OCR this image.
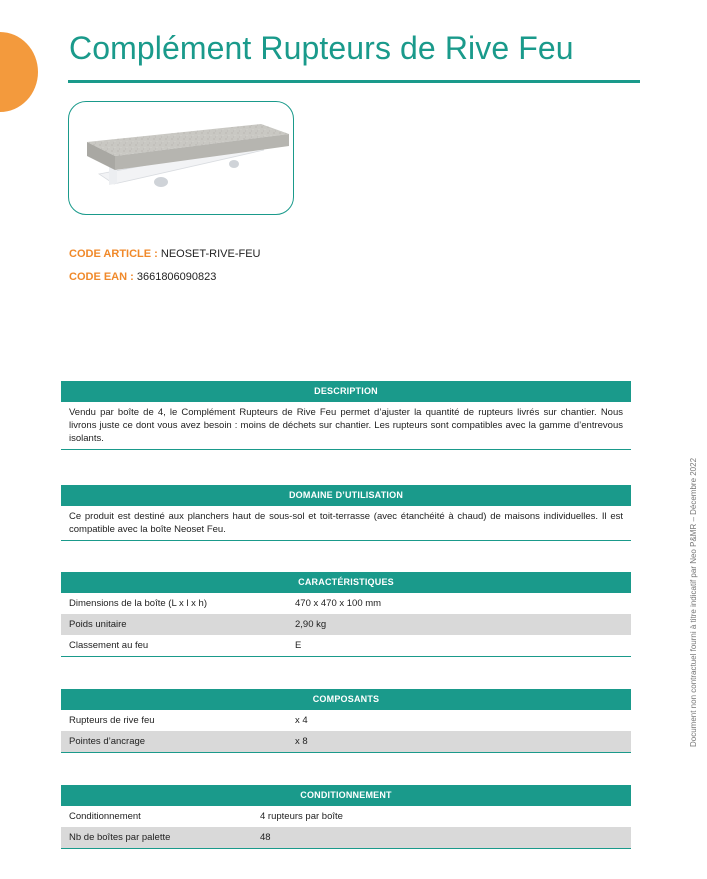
Complément Rupteurs de Rive Feu
CODE ARTICLE : NEOSET-RIVE-FEU
CODE EAN : 3661806090823
DESCRIPTION
Vendu par boîte de 4, le Complément Rupteurs de Rive Feu permet d’ajuster la quantité de rupteurs livrés sur chantier. Nous livrons juste ce dont vous avez besoin : moins de déchets sur chantier. Les rupteurs sont compatibles avec la gamme d’entrevous isolants.
DOMAINE D’UTILISATION
Ce produit est destiné aux planchers haut de sous-sol et toit-terrasse (avec étanchéité à chaud) de maisons individuelles. Il est compatible avec la boîte Neoset Feu.
CARACTÉRISTIQUES
Dimensions de la boîte (L x l x h)	470 x 470 x 100 mm
Poids unitaire	2,90 kg
Classement au feu	E
COMPOSANTS
Rupteurs de rive feu	x 4
Pointes d’ancrage	x 8
CONDITIONNEMENT
Conditionnement	4 rupteurs par boîte
Nb de boîtes par palette	48
Document non contractuel fourni à titre indicatif par Neo P&MR – Décembre 2022
